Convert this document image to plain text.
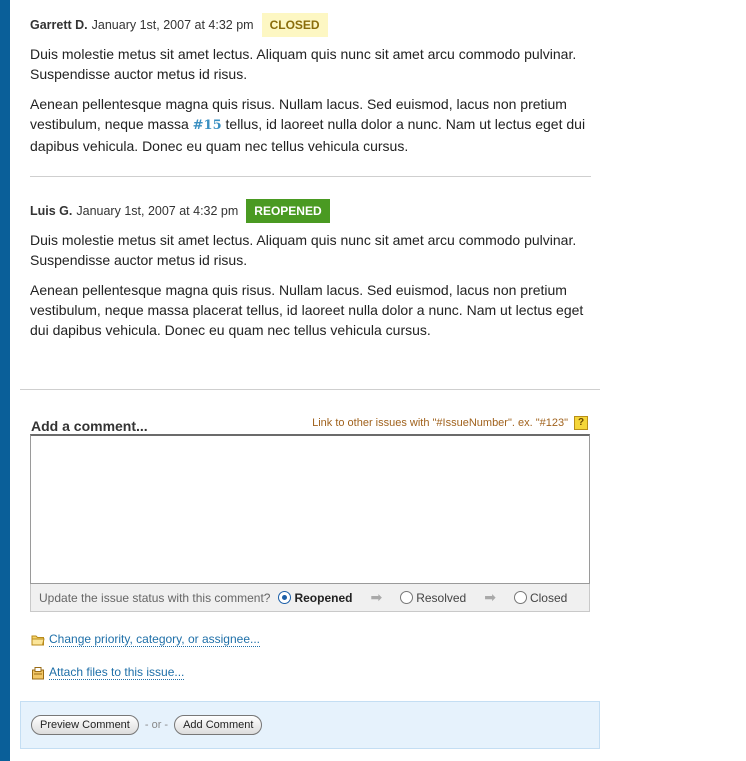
Garrett D. January 1st, 2007 at 4:32 pm	CLOSED

Duis molestie metus sit amet lectus. Aliquam quis nunc sit amet arcu commodo pulvinar. Suspendisse auctor metus id risus.

Aenean pellentesque magna quis risus. Nullam lacus. Sed euismod, lacus non pretium vestibulum, neque massa #15 tellus, id laoreet nulla dolor a nunc. Nam ut lectus eget dui dapibus vehicula. Donec eu quam nec tellus vehicula cursus.

Luis G. January 1st, 2007 at 4:32 pm	REOPENED

Duis molestie metus sit amet lectus. Aliquam quis nunc sit amet arcu commodo pulvinar. Suspendisse auctor metus id risus.

Aenean pellentesque magna quis risus. Nullam lacus. Sed euismod, lacus non pretium vestibulum, neque massa placerat tellus, id laoreet nulla dolor a nunc. Nam ut lectus eget dui dapibus vehicula. Donec eu quam nec tellus vehicula cursus.

Add a comment...	Link to other issues with "#IssueNumber". ex. "#123" ?
Update the issue status with this comment? Reopened ➡	Resolved ➡	Closed
Change priority, category, or assignee...
Attach files to this issue...
Preview Comment	- or -	Add Comment
